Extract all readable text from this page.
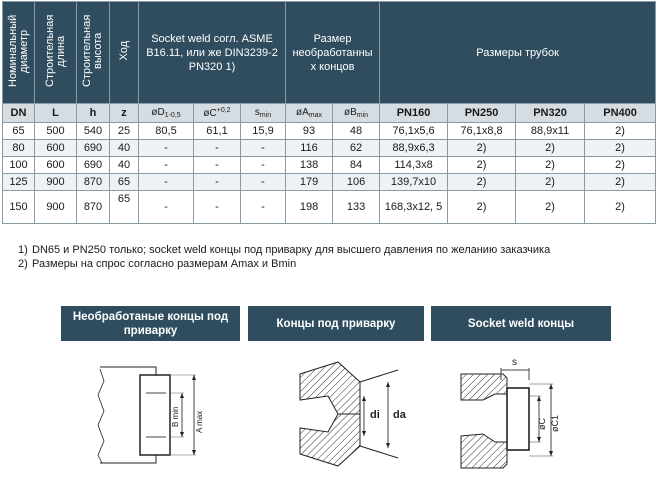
Номинальный диаметр	Строительная длина	Строительная высота	Ход	Socket weld согл. ASME B16.11, или же DIN3239-2 PN320 1)			Размер необработанны х концов		Размеры трубок			
DN	L	h	z	$øD_{1-0,5}$	$øC^{+0,2}$	$s_{min}$	$øA_{max}$	$øB_{min}$	PN160	PN250	PN320	PN400
65	500	540	25	80,5	61,1	15,9	93	48	76,1x5,6	76,1x8,8	88,9x11	2)
80	600	690	40	-	-	-	116	62	88,9x6,3	2)	2)	2)
100	600	690	40	-	-	-	138	84	114,3x8	2)	2)	2)
125	900	870	65	-	-	-	179	106	139,7x10	2)	2)	2)
150	900	870	65	-	-	-	198	133	168,3x12, 5	2)	2)	2)
1) DN65 и PN250 только; socket weld концы под приварку для высшего давления по желанию заказчика
2) Размеры на спрос согласно размерам Amax и Bmin
Необработаные концы под приварку
Концы под приварку	Socket weld концы
B min A max	di da
s
øC øC1
